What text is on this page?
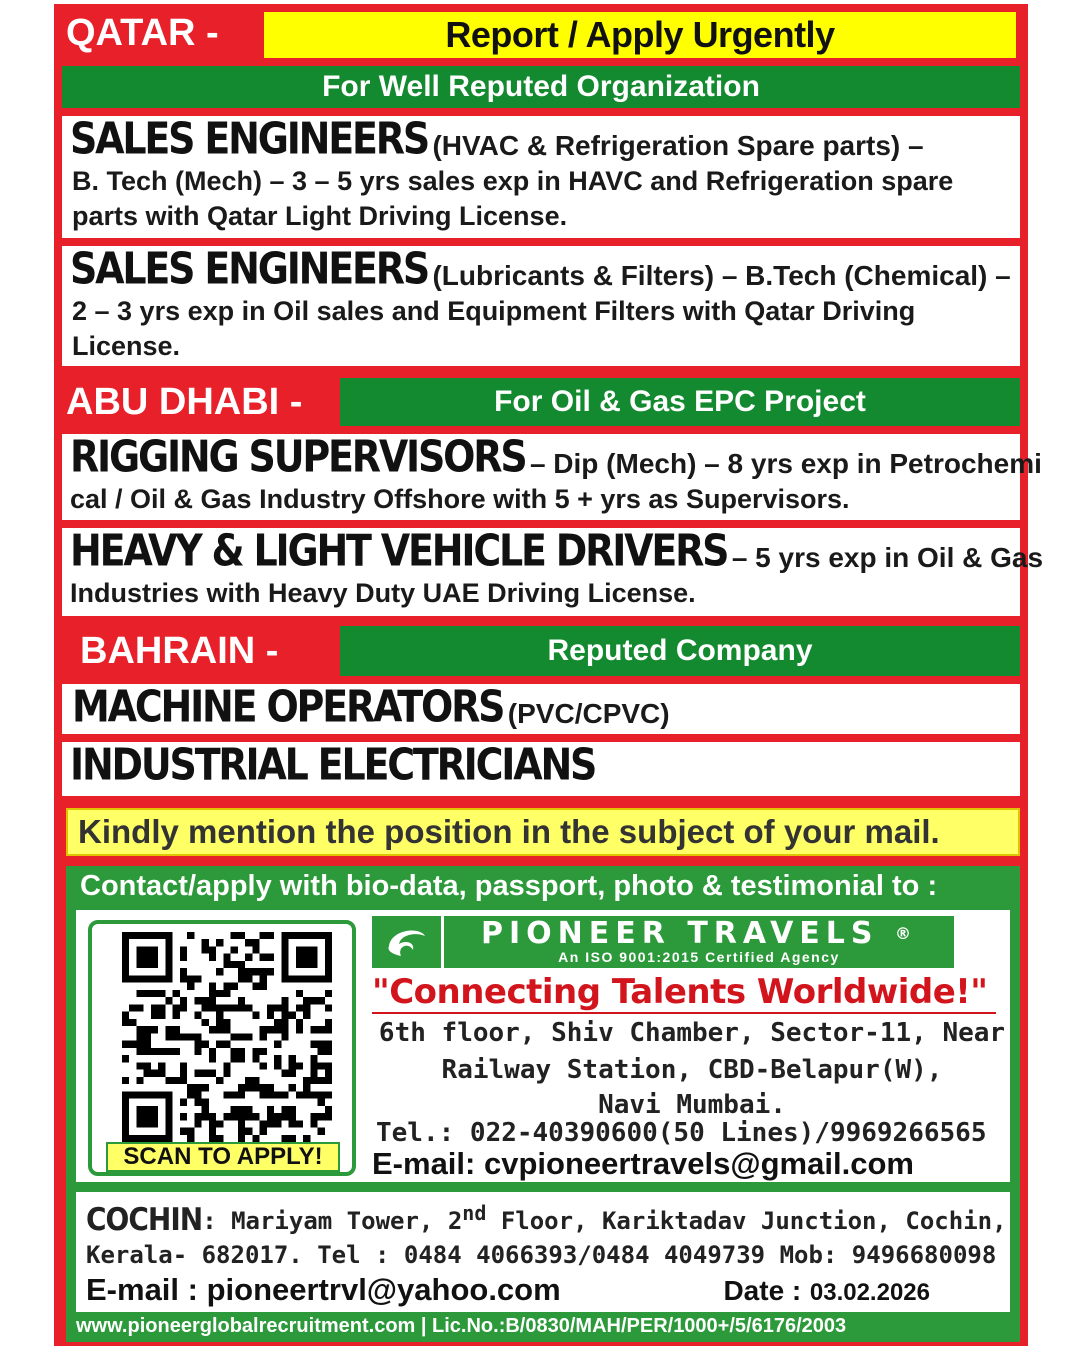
QATAR -	Report / Apply Urgently
For Well Reputed Organization
SALES ENGINEERS (HVAC & Refrigeration Spare parts) –
B. Tech (Mech) – 3 – 5 yrs sales exp in HAVC and Refrigeration spare parts with Qatar Light Driving License.
SALES ENGINEERS (Lubricants & Filters) – B.Tech (Chemical) –
2 – 3 yrs exp in Oil sales and Equipment Filters with Qatar Driving License.
ABU DHABI -	For Oil & Gas EPC Project
RIGGING SUPERVISORS – Dip (Mech) – 8 yrs exp in Petrochemi
cal / Oil & Gas Industry Offshore with 5 + yrs as Supervisors.
HEAVY & LIGHT VEHICLE DRIVERS – 5 yrs exp in Oil & Gas
Industries with Heavy Duty UAE Driving License.
BAHRAIN -	Reputed Company
MACHINE OPERATORS (PVC/CPVC)
INDUSTRIAL ELECTRICIANS
Kindly mention the position in the subject of your mail.
Contact/apply with bio-data, passport, photo & testimonial to :
SCAN TO APPLY!
PIONEER TRAVELS ®
An ISO 9001:2015 Certified Agency
"Connecting Talents Worldwide!"
6th floor, Shiv Chamber, Sector-11, Near
Railway Station, CBD-Belapur(W),
Navi Mumbai.
Tel.: 022-40390600(50 Lines)/9969266565
E-mail: cvpioneertravels@gmail.com
COCHIN: Mariyam Tower, 2nd Floor, Kariktadav Junction, Cochin,
Kerala- 682017. Tel : 0484 4066393/0484 4049739 Mob: 9496680098
E-mail : pioneertrvl@yahoo.com	Date : 03.02.2026
www.pioneerglobalrecruitment.com | Lic.No.:B/0830/MAH/PER/1000+/5/6176/2003
